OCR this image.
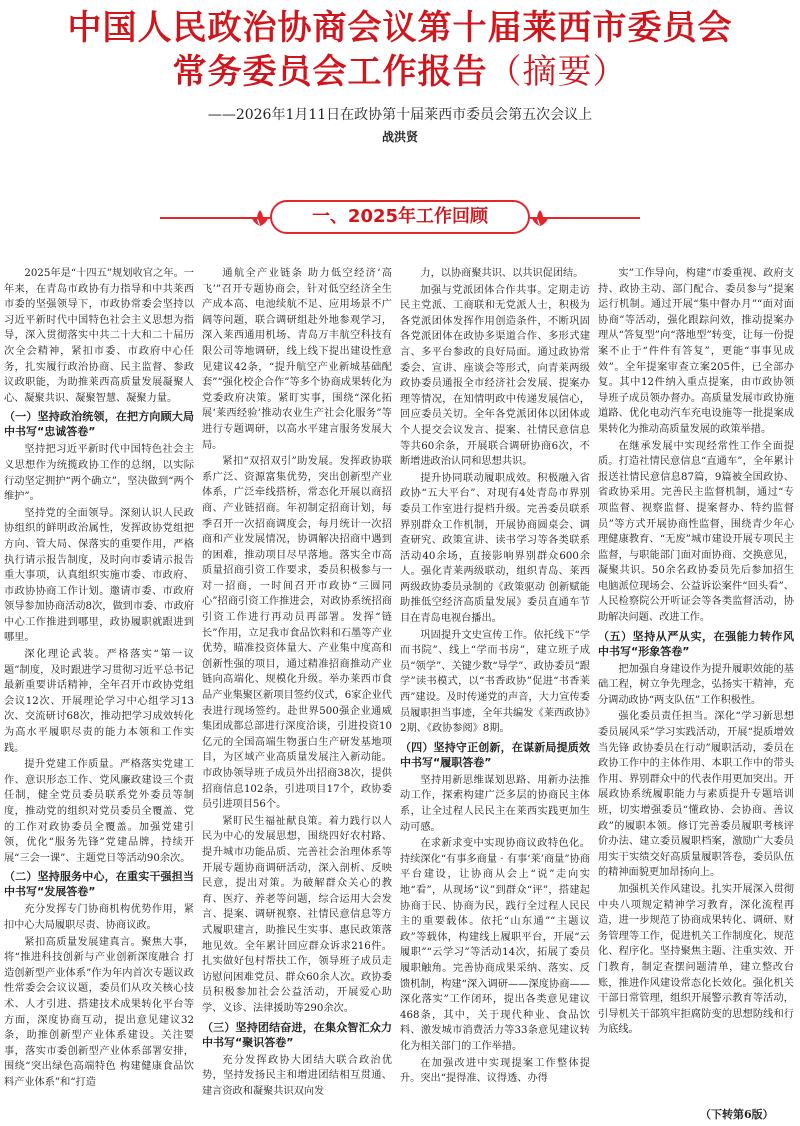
中国人民政治协商会议第十届莱西市委员会
常务委员会工作报告（摘要）
——2026年1月11日在政协第十届莱西市委员会第五次会议上
战洪贤
一、2025年工作回顾

2025年是“十四五”规划收官之年。一年来，在青岛市政协有力指导和中共莱西市委的坚强领导下，市政协常委会坚持以习近平新时代中国特色社会主义思想为指导，深入贯彻落实中共二十大和二十届历次全会精神，紧扣市委、市政府中心任务，扎实履行政治协商、民主监督、参政议政职能，为助推莱西高质量发展凝聚人心、凝聚共识、凝聚智慧、凝聚力量。

（一）坚持政治统领，在把方向顾大局中书写“忠诚答卷”

坚持把习近平新时代中国特色社会主义思想作为统揽政协工作的总纲，以实际行动坚定拥护“两个确立”，坚决做到“两个维护”。

坚持党的全面领导。深刻认识人民政协组织的鲜明政治属性，发挥政协党组把方向、管大局、保落实的重要作用，严格执行请示报告制度，及时向市委请示报告重大事项，认真组织实施市委、市政府、市政协协商工作计划。邀请市委、市政府领导参加协商活动8次，做到市委、市政府中心工作推进到哪里，政协履职就跟进到哪里。

深化理论武装。严格落实“第一议题”制度，及时跟进学习贯彻习近平总书记最新重要讲话精神，全年召开市政协党组会议12次、开展理论学习中心组学习13次、交流研讨68次，推动把学习成效转化为高水平履职尽责的能力本领和工作实践。

提升党建工作质量。严格落实党建工作、意识形态工作、党风廉政建设三个责任制，健全党员委员联系党外委员等制度，推动党的组织对党员委员全覆盖、党的工作对政协委员全覆盖。加强党建引领，优化“服务先锋”党建品牌，持续开展“三会一课”、主题党日等活动90余次。

（二）坚持服务中心，在重实干强担当中书写“发展答卷”

充分发挥专门协商机构优势作用，紧扣中心大局履职尽责、协商议政。

紧扣高质量发展建真言。聚焦大事，将“推进科技创新与产业创新深度融合 打造创新型产业体系”作为年内首次专题议政性常委会会议议题，委员们从攻关核心技术、人才引进、搭建技术成果转化平台等方面，深度协商互动，提出意见建议32条，助推创新型产业体系建设。关注要事，落实市委创新型产业体系部署安排，围绕“突出绿色高端特色 构建健康食品饮料产业体系”和“打造

通航全产业链条 助力低空经济‘高飞’”召开专题协商会，针对低空经济全生产成本高、电池续航不足、应用场景不广阔等问题，联合调研组赴外地参观学习，深入莱西通用机场、青岛万丰航空科技有限公司等地调研，线上线下提出建设性意见建议42条，“提升航空产业新城基础配套”“强化校企合作”等多个协商成果转化为党委政府决策。紧盯实事，围绕“深化拓展‘莱西经验’推动农业生产社会化服务”等进行专题调研，以高水平建言服务发展大局。

紧扣“双招双引”助发展。发挥政协联系广泛、资源富集优势，突出创新型产业体系，广泛牵线搭桥，常态化开展以商招商、产业链招商。年初制定招商计划，每季召开一次招商调度会，每月统计一次招商和产业发展情况，协调解决招商中遇到的困难，推动项目尽早落地。落实全市高质量招商引资工作要求，委员积极参与一对一招商，一时间召开市政协“三圆同心”招商引资工作推进会，对政协系统招商引资工作进行再动员再部署。发挥“链长”作用，立足我市食品饮料和石墨等产业优势，瞄准投资体量大、产业集中度高和创新性强的项目，通过精准招商推动产业链向高端化、规模化升级。举办莱西市食品产业集聚区新项目签约仪式，6家企业代表进行现场签约。赴世界500强企业通威集团成都总部进行深度洽谈，引进投资10亿元的全国高端生物蛋白生产研发基地项目，为区域产业高质量发展注入新动能。市政协领导班子成员外出招商38次，提供招商信息102条，引进项目17个，政协委员引进项目56个。

紧盯民生福祉献良策。着力践行以人民为中心的发展思想，围绕四好农村路、提升城市功能品质、完善社会治理体系等开展专题协商调研活动，深入剖析、反映民意，提出对策。为破解群众关心的教育、医疗、养老等问题，综合运用大会发言、提案、调研视察、社情民意信息等方式履职建言，助推民生实事、惠民政策落地见效。全年累计回应群众诉求216件。扎实做好包村帮扶工作，领导班子成员走访慰问困难党员、群众60余人次。政协委员积极参加社会公益活动，开展爱心助学、义诊、法律援助等290余次。

（三）坚持团结奋进，在集众智汇众力中书写“聚识答卷”

充分发挥政协大团结大联合政治优势，坚持发扬民主和增进团结相互贯通、建言资政和凝聚共识双向发

力，以协商聚共识、以共识促团结。

加强与党派团体合作共事。定期走访民主党派、工商联和无党派人士，积极为各党派团体发挥作用创造条件，不断巩固各党派团体在政协多渠道合作、多形式建言、多平台参政的良好局面。通过政协常委会、宣讲、座谈会等形式，向青莱两级政协委员通报全市经济社会发展、提案办理等情况，在知情明政中传递发展信心，回应委员关切。全年各党派团体以团体或个人提交会议发言、提案、社情民意信息等共60余条，开展联合调研协商6次，不断增进政治认同和思想共识。

提升协同联动履职成效。积极融入省政协“五大平台”、对现有4处青岛市界别委员工作室进行提档升级。完善委员联系界别群众工作机制，开展协商圆桌会、调查研究、政策宣讲、读书学习等各类联系活动40余场，直接影响界别群众600余人。强化青莱两级联动，组织青岛、莱西两级政协委员录制的《政策驱动 创新赋能 助推低空经济高质量发展》委员直通车节目在青岛电视台播出。

巩固提升文史宣传工作。依托线下“学而书院”、线上“学而书房”，建立班子成员“领学”、关键少数“导学”、政协委员“跟学”读书模式，以“书香政协”促进“书香莱西”建设。及时传递党的声音，大力宣传委员履职担当事迹，全年共编发《莱西政协》2期、《政协参阅》8期。

（四）坚持守正创新，在谋新局提质效中书写“履职答卷”

坚持用新思维谋划思路、用新办法推动工作，探索构建广泛多层的协商民主体系，让全过程人民民主在莱西实践更加生动可感。

在求新求变中实现协商议政特色化。持续深化“有事多商量 · 有事‘莱’商量”协商平台建设，让协商从会上“说”走向实地“看”，从现场“议”到群众“评”，搭建起协商于民、协商为民，践行全过程人民民主的重要载体。依托“山东通”“主题议政”等载体，构建线上履职平台，开展“云履职”“云学习”等活动14次，拓展了委员履职触角。完善协商成果采纳、落实、反馈机制，构建“深入调研——深度协商——深化落实”工作闭环，提出各类意见建议468条，其中，关于现代种业、食品饮料、激发城市消费活力等33条意见建议转化为相关部门的工作举措。

在加强改进中实现提案工作整体提升。突出“提得准、议得透、办得

实”工作导向，构建“市委重视、政府支持、政协主动、部门配合、委员参与”提案运行机制。通过开展“集中督办月”“面对面协商”等活动，强化跟踪问效，推动提案办理从“答复型”向“落地型”转变，让每一份提案不止于“件件有答复”，更能“事事见成效”。全年提案审查立案205件，已全部办复。其中12件纳入重点提案，由市政协领导班子成员领办督办。高质量发展市政协施道路、优化电动汽车充电设施等一批提案成果转化为推动高质量发展的政策举措。

在继承发展中实现经常性工作全面提质。打造社情民意信息“直通车”，全年累计报送社情民意信息87篇，9篇被全国政协、省政协采用。完善民主监督机制，通过“专项监督、视察监督、提案督办、特约监督员”等方式开展协商性监督，围绕青少年心理健康教育、“无废”城市建设开展专项民主监督，与职能部门面对面协商、交换意见，凝聚共识。50余名政协委员先后参加招生电脑派位现场会、公益诉讼案件“回头看”、人民检察院公开听证会等各类监督活动，协助解决问题、改进工作。

（五）坚持从严从实，在强能力转作风中书写“形象答卷”

把加强自身建设作为提升履职效能的基础工程，树立争先理念，弘扬实干精神，充分调动政协“两支队伍”工作积极性。

强化委员责任担当。深化“学习新思想 委员展风采”学习实践活动，开展“提质增效当先锋 政协委员在行动”履职活动，委员在政协工作中的主体作用、本职工作中的带头作用、界别群众中的代表作用更加突出。开展政协系统履职能力与素质提升专题培训班，切实增强委员“懂政协、会协商、善议政”的履职本领。修订完善委员履职考核评价办法、建立委员履职档案，激励广大委员用实干实绩交好高质量履职答卷，委员队伍的精神面貌更加昂扬向上。

加强机关作风建设。扎实开展深入贯彻中央八项规定精神学习教育，深化流程再造，进一步规范了协商成果转化、调研、财务管理等工作，促进机关工作制度化、规范化、程序化。坚持聚焦主题、注重实效、开门教育，制定查摆问题清单，建立整改台账，推进作风建设常态化长效化。强化机关干部日常管理，组织开展警示教育等活动，引导机关干部筑牢拒腐防变的思想防线和行为底线。

（下转第6版）
